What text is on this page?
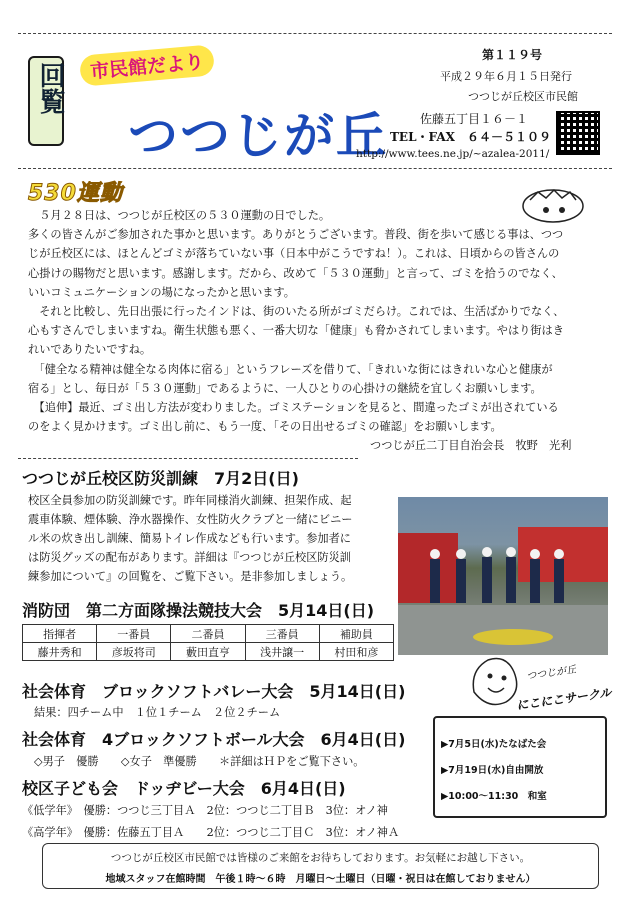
回覧	市民館だより
つつじが丘
第１１９号
平成２９年６月１５日発行
つつじが丘校区市民館
佐藤五丁目１６－１
TEL・FAX　６４－５１０９
http://www.tees.ne.jp/~azalea-2011/
530運動
　５月２８日は、つつじが丘校区の５３０運動の日でした。
多くの皆さんがご参加された事かと思います。ありがとうございます。普段、街を歩いて感じる事は、つつ
じが丘校区には、ほとんどゴミが落ちていない事（日本中がこうですね！）。これは、日頃からの皆さんの
心掛けの賜物だと思います。感謝します。だから、改めて「５３０運動」と言って、ゴミを拾うのでなく、
いいコミュニケーションの場になったかと思います。
　それと比較し、先日出張に行ったインドは、街のいたる所がゴミだらけ。これでは、生活ばかりでなく、
心もすさんでしまいますね。衛生状態も悪く、一番大切な「健康」も脅かされてしまいます。やはり街はき
れいでありたいですね。
　「健全なる精神は健全なる肉体に宿る」というフレーズを借りて、「きれいな街にはきれいな心と健康が
宿る」とし、毎日が「５３０運動」であるように、一人ひとりの心掛けの継続を宜しくお願いします。
　【追伸】最近、ゴミ出し方法が変わりました。ゴミステーションを見ると、間違ったゴミが出されている
のをよく見かけます。ゴミ出し前に、もう一度、「その日出せるゴミの確認」をお願いします。
つつじが丘二丁目自治会長　牧野　光利
つつじが丘校区防災訓練　7月2日(日)
校区全員参加の防災訓練です。昨年同様消火訓練、担架作成、起
震車体験、煙体験、浄水器操作、女性防火クラブと一緒にビニー
ル米の炊き出し訓練、簡易トイレ作成なども行います。参加者に
は防災グッズの配布があります。詳細は『つつじが丘校区防災訓
練参加について』の回覧を、ご覧下さい。是非参加しましょう。
消防団　第二方面隊操法競技大会　5月14日(日)
指揮者	一番員	二番員	三番員	補助員
藤井秀和	彦坂将司	藪田直亨	浅井譲一	村田和彦
社会体育　ブロックソフトバレー大会　5月14日(日)
結果：四チーム中　１位１チーム　２位２チーム
社会体育　4ブロックソフトボール大会　6月4日(日)
◇男子　優勝　　◇女子　準優勝　　＊詳細はＨＰをご覧下さい。
校区子ども会　ドッヂビー大会　6月4日(日)
《低学年》　優勝：つつじ三丁目Ａ　2位：つつじ二丁目Ｂ　3位：オノ神
《高学年》　優勝：佐藤五丁目Ａ　　2位：つつじ二丁目Ｃ　3位：オノ神Ａ
つつじが丘
にこにこサークル
▶7月5日(水)たなばた会
▶7月19日(水)自由開放
▶10:00～11:30　和室
つつじが丘校区市民館では皆様のご来館をお待ちしております。お気軽にお越し下さい。
地域スタッフ在館時間　午後１時～６時　月曜日～土曜日（日曜・祝日は在館しておりません）
